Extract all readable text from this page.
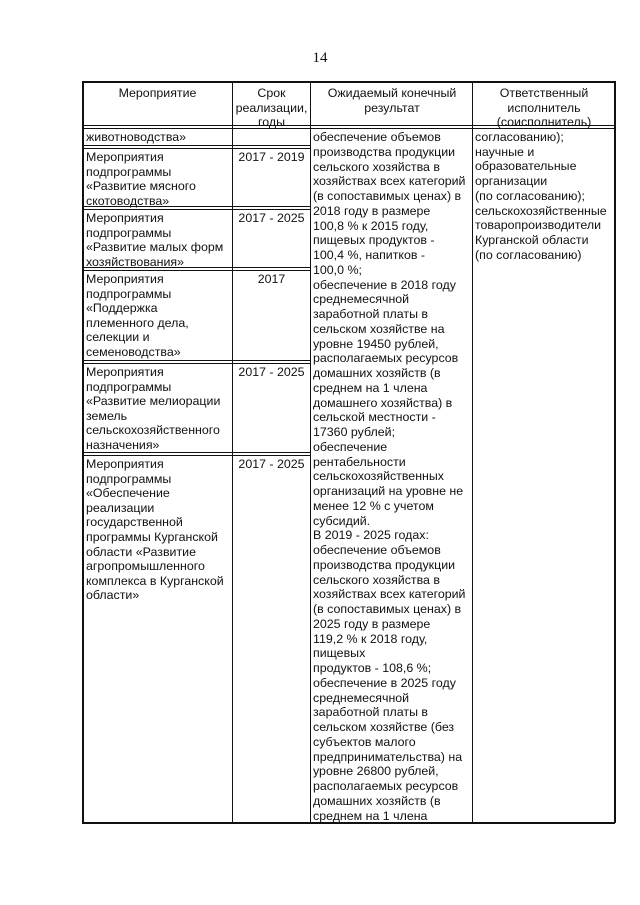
14
Мероприятие	Срок
реализации,
годы
Ожидаемый конечный
результат
Ответственный
исполнитель
(соисполнитель)
животноводства»
Мероприятия
подпрограммы
«Развитие мясного
скотоводства»
Мероприятия
подпрограммы
«Развитие малых форм
хозяйствования»
Мероприятия
подпрограммы
«Поддержка
племенного дела,
селекции и
семеноводства»
Мероприятия
подпрограммы
«Развитие мелиорации
земель
сельскохозяйственного
назначения»
Мероприятия
подпрограммы
«Обеспечение
реализации
государственной
программы Курганской
области «Развитие
агропромышленного
комплекса в Курганской
области»
2017 - 2019
2017 - 2025
2017
2017 - 2025
2017 - 2025
обеспечение объемов
производства продукции
сельского хозяйства в
хозяйствах всех категорий
(в сопоставимых ценах) в
2018 году в размере
100,8 % к 2015 году,
пищевых продуктов -
100,4 %, напитков -
100,0 %;
обеспечение в 2018 году
среднемесячной
заработной платы в
сельском хозяйстве на
уровне 19450 рублей,
располагаемых ресурсов
домашних хозяйств (в
среднем на 1 члена
домашнего хозяйства) в
сельской местности -
17360 рублей;
обеспечение
рентабельности
сельскохозяйственных
организаций на уровне не
менее 12 % с учетом
субсидий.
В 2019 - 2025 годах:
обеспечение объемов
производства продукции
сельского хозяйства в
хозяйствах всех категорий
(в сопоставимых ценах) в
2025 году в размере
119,2 % к 2018 году,
пищевых
продуктов - 108,6 %;
обеспечение в 2025 году
среднемесячной
заработной платы в
сельском хозяйстве (без
субъектов малого
предпринимательства) на
уровне 26800 рублей,
располагаемых ресурсов
домашних хозяйств (в
среднем на 1 члена
согласованию);
научные и
образовательные
организации
(по согласованию);
сельскохозяйственные
товаропроизводители
Курганской области
(по согласованию)
